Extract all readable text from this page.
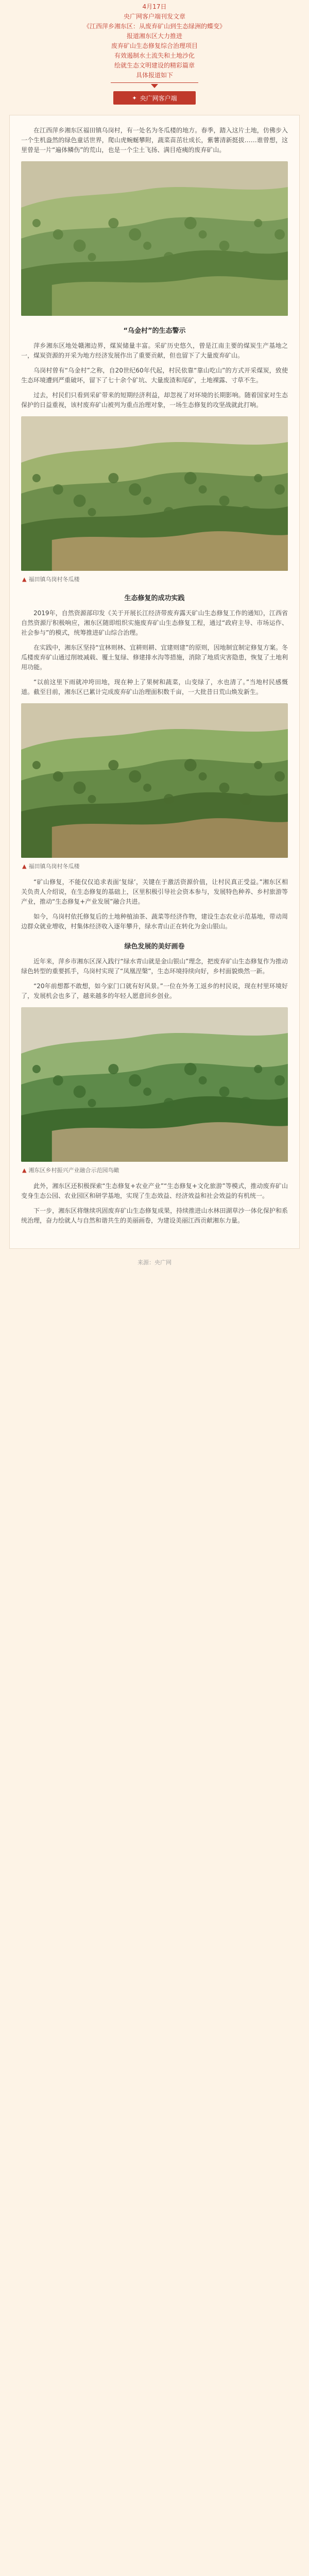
4月17日
央广网客户端刊发文章
《江西萍乡湘东区：从废弃矿山到生态绿洲的蝶变》
报道湘东区大力推进
废弃矿山生态修复综合治理项目
有效遏制水土流失和土地沙化
绘就生态文明建设的精彩篇章
具体报道如下
✦ 央广网客户端

在江西萍乡湘东区福田镇乌岗村，有一处名为冬瓜楼的地方。春季，踏入这片土地，仿佛步入一个生机盎然的绿色童话世界，爬山虎蜿蜒攀附，蔬菜苗茁壮成长，紫薯清新挺拔……谁曾想，这里曾是一片“遍体鳞伤”的荒山，也是一个尘土飞扬、满目疮痍的废弃矿山。

“乌金村”的生态警示

萍乡湘东区地处赣湘边界，煤炭储量丰富。采矿历史悠久，曾是江南主要的煤炭生产基地之一，煤炭资源的开采为地方经济发展作出了重要贡献，但也留下了大量废弃矿山。

乌岗村曾有“乌金村”之称，自20世纪60年代起，村民依靠“靠山吃山”的方式开采煤炭，致使生态环境遭到严重破坏，留下了七十余个矿坑、大量废渣和尾矿，土地裸露、寸草不生。

过去，村民们只看到采矿带来的短期经济利益，却忽视了对环境的长期影响。随着国家对生态保护的日益重视，该村废弃矿山被列为重点治理对象，一场生态修复的攻坚战就此打响。

▲ 福田镇乌岗村冬瓜楼
生态修复的成功实践

2019年，自然资源部印发《关于开展长江经济带废弃露天矿山生态修复工作的通知》，江西省自然资源厅积极响应，湘东区随即组织实施废弃矿山生态修复工程，通过“政府主导、市场运作、社会参与”的模式，统筹推进矿山综合治理。

在实践中，湘东区坚持“宜林则林、宜耕则耕、宜建则建”的原则，因地制宜制定修复方案。冬瓜楼废弃矿山通过削坡减载、覆土复绿、修建排水沟等措施，消除了地质灾害隐患，恢复了土地利用功能。

“以前这里下雨就冲垮田地，现在种上了果树和蔬菜，山变绿了，水也清了。”当地村民感慨道。截至目前，湘东区已累计完成废弃矿山治理面积数千亩，一大批昔日荒山焕发新生。

▲ 福田镇乌岗村冬瓜楼

“矿山修复，不能仅仅追求表面‘复绿’，关键在于激活资源价值，让村民真正受益。”湘东区相关负责人介绍说，在生态修复的基础上，区里积极引导社会资本参与，发展特色种养、乡村旅游等产业，推动“生态修复+产业发展”融合共进。

如今，乌岗村依托修复后的土地种植油茶、蔬菜等经济作物，建设生态农业示范基地，带动周边群众就业增收，村集体经济收入逐年攀升，绿水青山正在转化为金山银山。

绿色发展的美好画卷

近年来，萍乡市湘东区深入践行“绿水青山就是金山银山”理念，把废弃矿山生态修复作为推动绿色转型的重要抓手，乌岗村实现了“凤凰涅槃”，生态环境持续向好，乡村面貌焕然一新。

“20年前想都不敢想，如今家门口就有好风景。”一位在外务工返乡的村民说，现在村里环境好了，发展机会也多了，越来越多的年轻人愿意回乡创业。

▲ 湘东区乡村振兴产业融合示范园鸟瞰

此外，湘东区还积极探索“生态修复+农业产业”“生态修复+文化旅游”等模式，推动废弃矿山变身生态公园、农业园区和研学基地，实现了生态效益、经济效益和社会效益的有机统一。

下一步，湘东区将继续巩固废弃矿山生态修复成果，持续推进山水林田湖草沙一体化保护和系统治理，奋力绘就人与自然和谐共生的美丽画卷，为建设美丽江西贡献湘东力量。

来源：央广网
